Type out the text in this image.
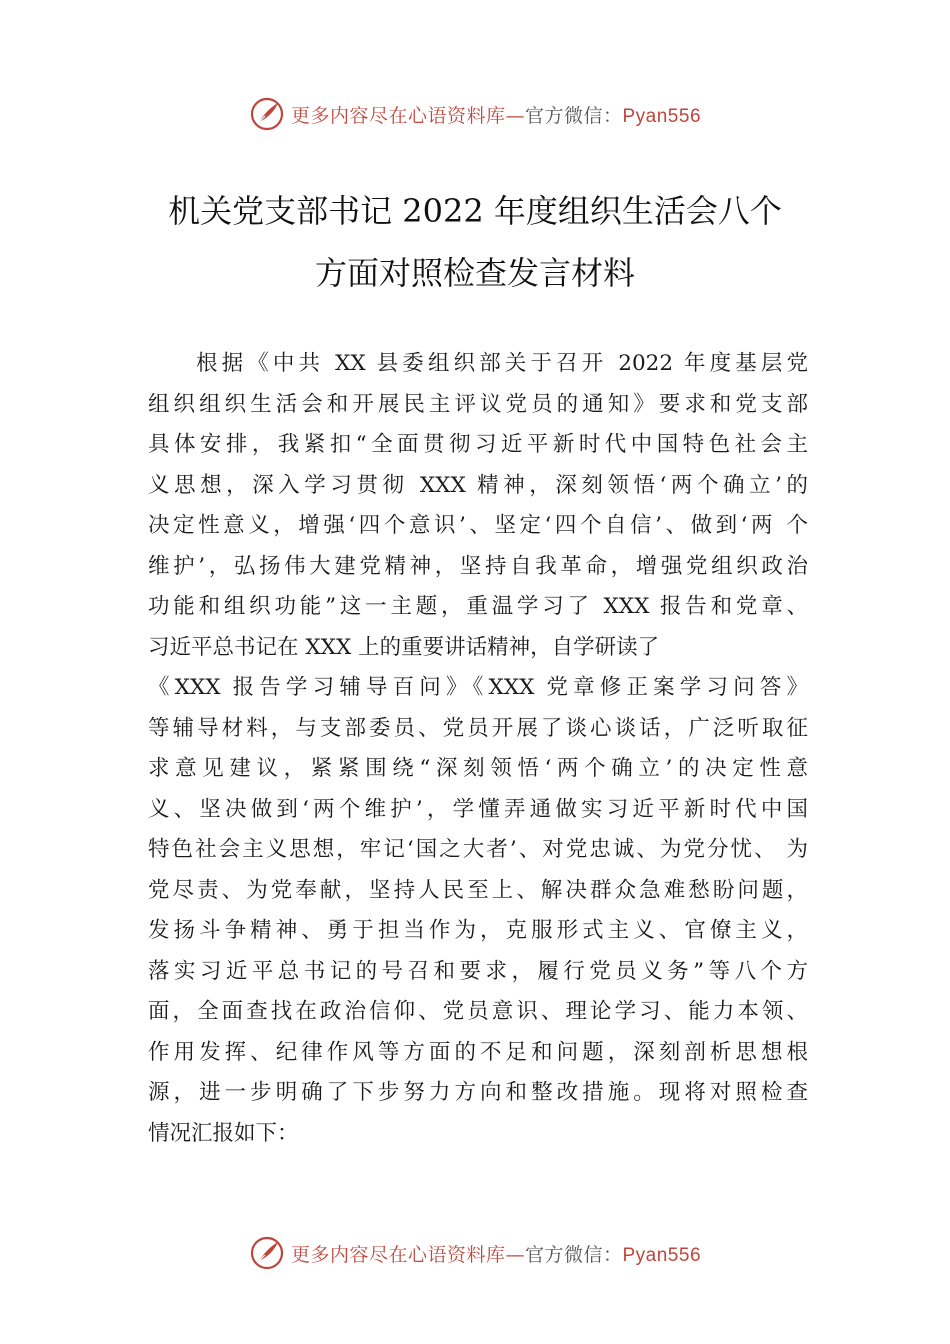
更多内容尽在心语资料库—官方微信：Pyan556
机关党支部书记 2022 年度组织生活会八个
方面对照检查发言材料
根据《中共 XX 县委组织部关于召开 2022 年度基层党
组织组织生活会和开展民主评议党员的通知》要求和党支部
具体安排，我紧扣“全面贯彻习近平新时代中国特色社会主
义思想，深入学习贯彻 XXX 精神，深刻领悟‘两个确立’的
决定性意义，增强‘四个意识’、坚定‘四个自信’、做到‘两 个
维护’，弘扬伟大建党精神，坚持自我革命，增强党组织政治
功能和组织功能”这一主题，重温学习了 XXX 报告和党章、
习近平总书记在 XXX 上的重要讲话精神，自学研读了
《XXX 报告学习辅导百问》《XXX 党章修正案学习问答》
等辅导材料，与支部委员、党员开展了谈心谈话，广泛听取征
求意见建议，紧紧围绕“深刻领悟‘两个确立’的决定性意
义、坚决做到‘两个维护’，学懂弄通做实习近平新时代中国
特色社会主义思想，牢记‘国之大者’、对党忠诚、为党分忧、 为
党尽责、为党奉献，坚持人民至上、解决群众急难愁盼问题，
发扬斗争精神、勇于担当作为，克服形式主义、官僚主义，
落实习近平总书记的号召和要求，履行党员义务”等八个方
面，全面查找在政治信仰、党员意识、理论学习、能力本领、
作用发挥、纪律作风等方面的不足和问题，深刻剖析思想根
源，进一步明确了下步努力方向和整改措施。现将对照检查
情况汇报如下：
更多内容尽在心语资料库—官方微信：Pyan556
